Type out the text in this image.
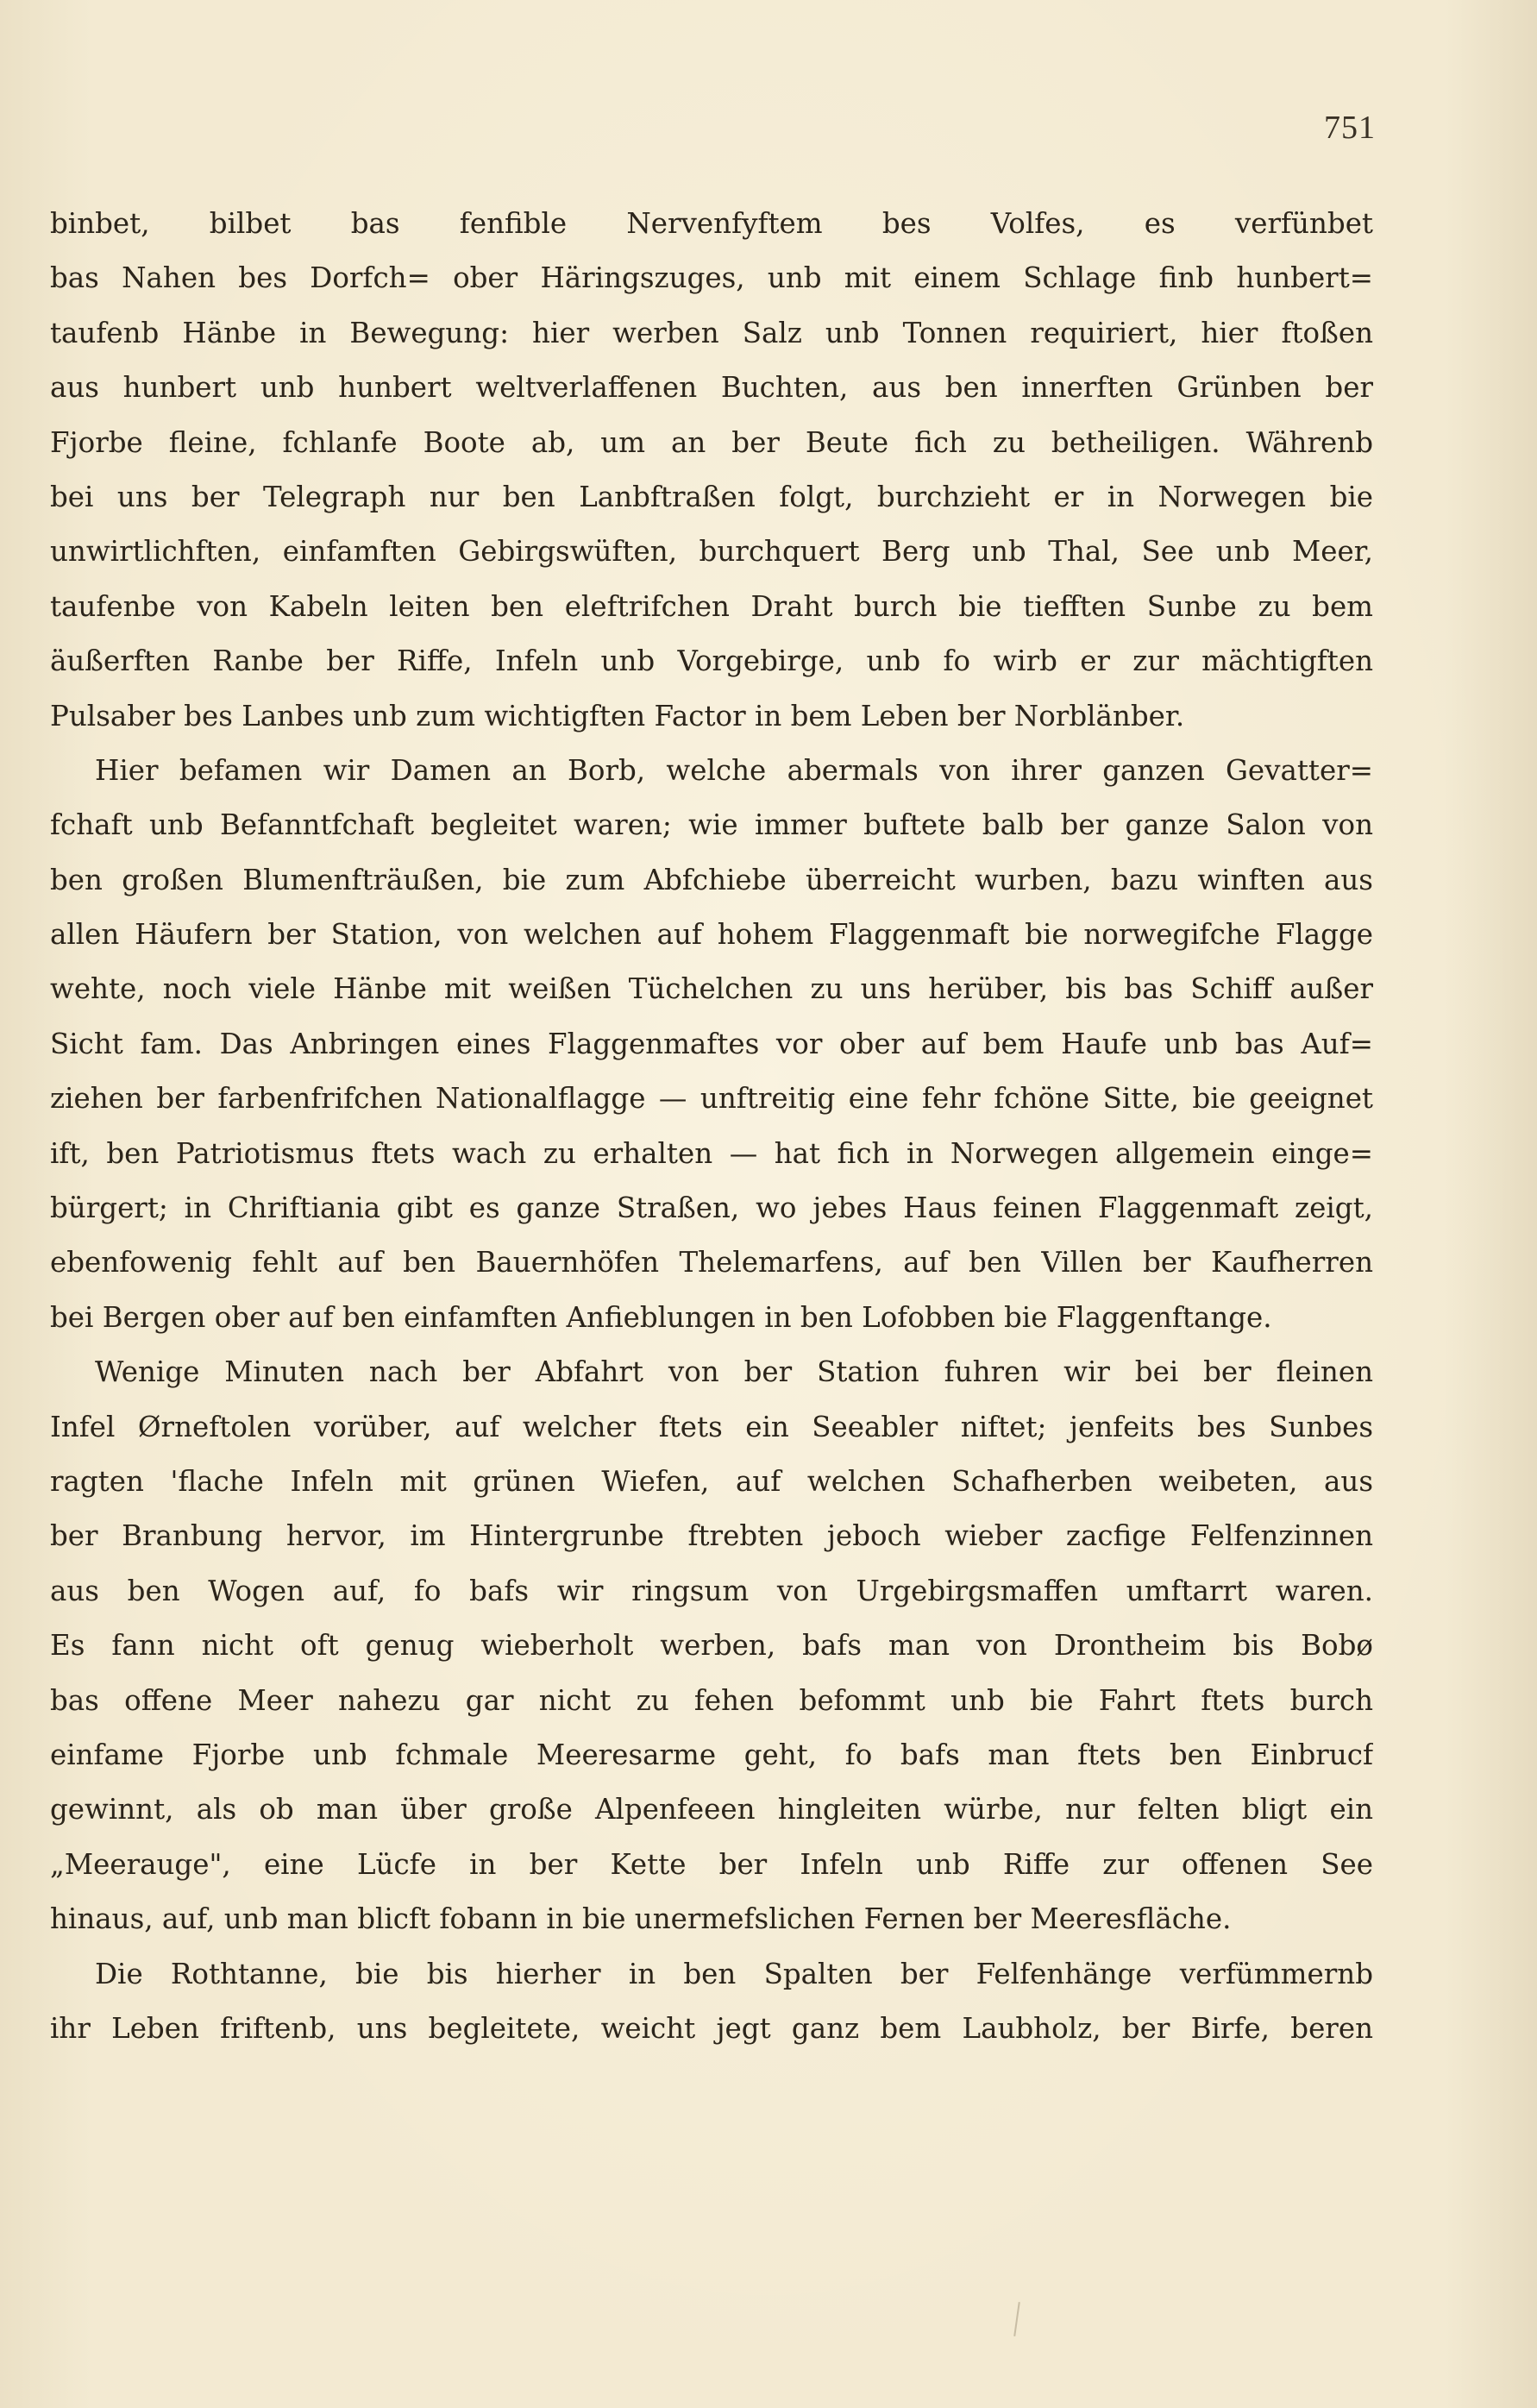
751
binbet, bilbet bas fenfible Nervenfyftem bes Volfes, es verfünbet
bas Nahen bes Dorfch= ober Häringszuges, unb mit einem Schlage finb hunbert=
taufenb Hänbe in Bewegung: hier werben Salz unb Tonnen requiriert, hier ftoßen
aus hunbert unb hunbert weltverlaffenen Buchten, aus ben innerften Grünben ber
Fjorbe fleine, fchlanfe Boote ab, um an ber Beute fich zu betheiligen. Währenb
bei uns ber Telegraph nur ben Lanbftraßen folgt, burchzieht er in Norwegen bie
unwirtlichften, einfamften Gebirgswüften, burchquert Berg unb Thal, See unb Meer,
taufenbe von Kabeln leiten ben eleftrifchen Draht burch bie tiefften Sunbe zu bem
äußerften Ranbe ber Riffe, Infeln unb Vorgebirge, unb fo wirb er zur mächtigften
Pulsaber bes Lanbes unb zum wichtigften Factor in bem Leben ber Norblänber.
Hier befamen wir Damen an Borb, welche abermals von ihrer ganzen Gevatter=
fchaft unb Befanntfchaft begleitet waren; wie immer buftete balb ber ganze Salon von
ben großen Blumenfträußen, bie zum Abfchiebe überreicht wurben, bazu winften aus
allen Häufern ber Station, von welchen auf hohem Flaggenmaft bie norwegifche Flagge
wehte, noch viele Hänbe mit weißen Tüchelchen zu uns herüber, bis bas Schiff außer
Sicht fam. Das Anbringen eines Flaggenmaftes vor ober auf bem Haufe unb bas Auf=
ziehen ber farbenfrifchen Nationalflagge — unftreitig eine fehr fchöne Sitte, bie geeignet
ift, ben Patriotismus ftets wach zu erhalten — hat fich in Norwegen allgemein einge=
bürgert; in Chriftiania gibt es ganze Straßen, wo jebes Haus feinen Flaggenmaft zeigt,
ebenfowenig fehlt auf ben Bauernhöfen Thelemarfens, auf ben Villen ber Kaufherren
bei Bergen ober auf ben einfamften Anfieblungen in ben Lofobben bie Flaggenftange.
Wenige Minuten nach ber Abfahrt von ber Station fuhren wir bei ber fleinen
Infel Ørneftolen vorüber, auf welcher ftets ein Seeabler niftet; jenfeits bes Sunbes
ragten 'flache Infeln mit grünen Wiefen, auf welchen Schafherben weibeten, aus
ber Branbung hervor, im Hintergrunbe ftrebten jeboch wieber zacfige Felfenzinnen
aus ben Wogen auf, fo bafs wir ringsum von Urgebirgsmaffen umftarrt waren.
Es fann nicht oft genug wieberholt werben, bafs man von Drontheim bis Bobø
bas offene Meer nahezu gar nicht zu fehen befommt unb bie Fahrt ftets burch
einfame Fjorbe unb fchmale Meeresarme geht, fo bafs man ftets ben Einbrucf
gewinnt, als ob man über große Alpenfeeen hingleiten würbe, nur felten bligt ein
„Meerauge", eine Lücfe in ber Kette ber Infeln unb Riffe zur offenen See
hinaus, auf, unb man blicft fobann in bie unermefslichen Fernen ber Meeresfläche.
Die Rothtanne, bie bis hierher in ben Spalten ber Felfenhänge verfümmernb
ihr Leben friftenb, uns begleitete, weicht jegt ganz bem Laubholz, ber Birfe, beren
